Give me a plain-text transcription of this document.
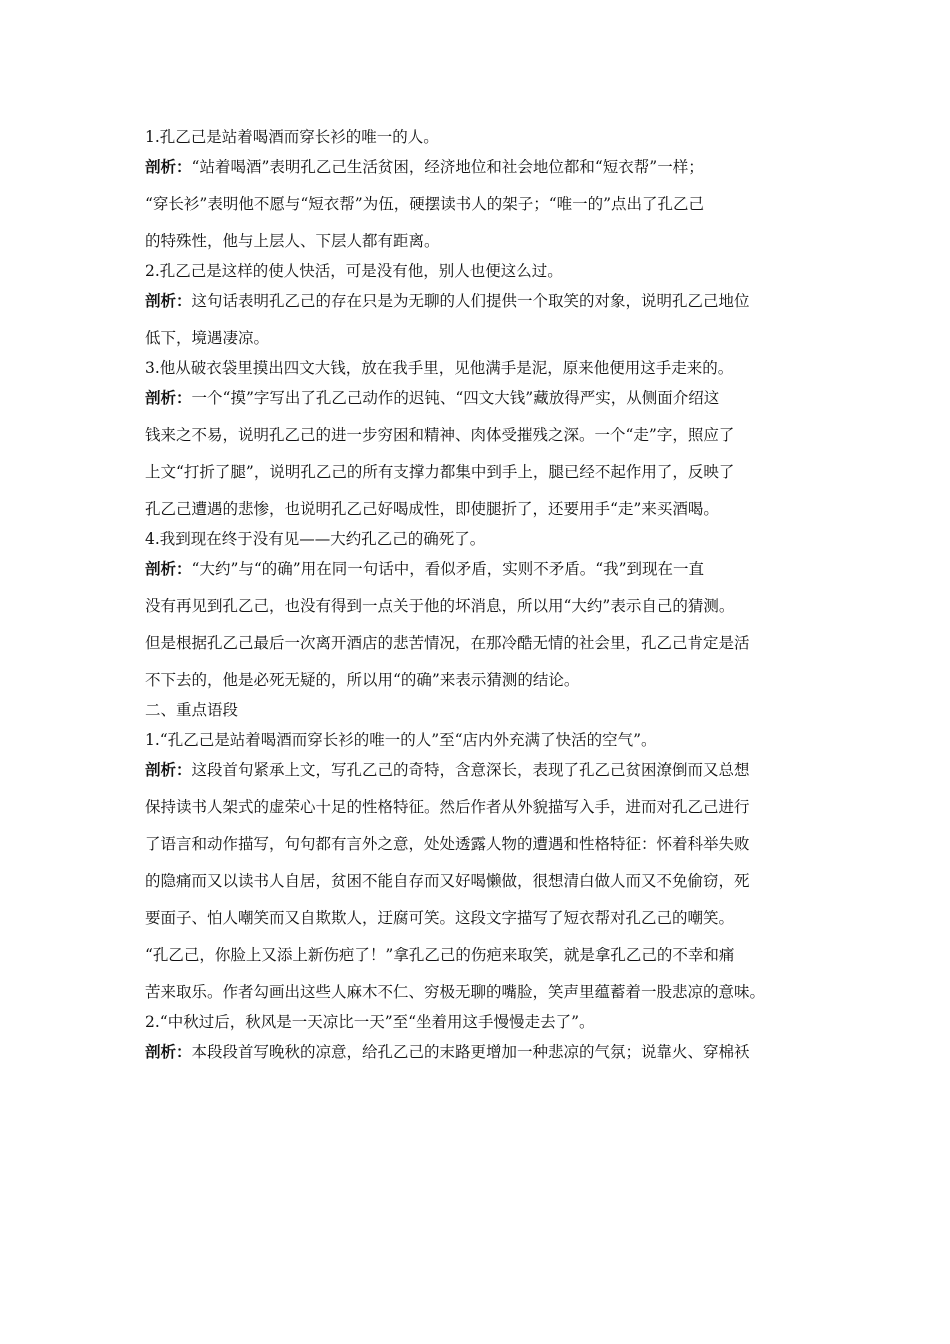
1.孔乙己是站着喝酒而穿长衫的唯一的人。
剖析：“站着喝酒”表明孔乙己生活贫困，经济地位和社会地位都和“短衣帮”一样；
“穿长衫”表明他不愿与“短衣帮”为伍，硬摆读书人的架子；“唯一的”点出了孔乙己
的特殊性，他与上层人、下层人都有距离。
2.孔乙己是这样的使人快活，可是没有他，别人也便这么过。
剖析：这句话表明孔乙己的存在只是为无聊的人们提供一个取笑的对象，说明孔乙己地位
低下，境遇凄凉。
3.他从破衣袋里摸出四文大钱，放在我手里，见他满手是泥，原来他便用这手走来的。
剖析：一个“摸”字写出了孔乙己动作的迟钝、“四文大钱”藏放得严实，从侧面介绍这
钱来之不易，说明孔乙己的进一步穷困和精神、肉体受摧残之深。一个“走”字，照应了
上文“打折了腿”，说明孔乙己的所有支撑力都集中到手上，腿已经不起作用了，反映了
孔乙己遭遇的悲惨，也说明孔乙己好喝成性，即使腿折了，还要用手“走”来买酒喝。
4.我到现在终于没有见——大约孔乙己的确死了。
剖析：“大约”与“的确”用在同一句话中，看似矛盾，实则不矛盾。“我”到现在一直
没有再见到孔乙己，也没有得到一点关于他的坏消息，所以用“大约”表示自己的猜测。
但是根据孔乙己最后一次离开酒店的悲苦情况，在那冷酷无情的社会里，孔乙己肯定是活
不下去的，他是必死无疑的，所以用“的确”来表示猜测的结论。
二、重点语段
1.“孔乙己是站着喝酒而穿长衫的唯一的人”至“店内外充满了快活的空气”。
剖析：这段首句紧承上文，写孔乙己的奇特，含意深长，表现了孔乙己贫困潦倒而又总想
保持读书人架式的虚荣心十足的性格特征。然后作者从外貌描写入手，进而对孔乙己进行
了语言和动作描写，句句都有言外之意，处处透露人物的遭遇和性格特征：怀着科举失败
的隐痛而又以读书人自居，贫困不能自存而又好喝懒做，很想清白做人而又不免偷窃，死
要面子、怕人嘲笑而又自欺欺人，迂腐可笑。这段文字描写了短衣帮对孔乙己的嘲笑。
“孔乙己，你脸上又添上新伤疤了！”拿孔乙己的伤疤来取笑，就是拿孔乙己的不幸和痛
苦来取乐。作者勾画出这些人麻木不仁、穷极无聊的嘴脸，笑声里蕴蓄着一股悲凉的意味。
2.“中秋过后，秋风是一天凉比一天”至“坐着用这手慢慢走去了”。
剖析：本段段首写晚秋的凉意，给孔乙己的末路更增加一种悲凉的气氛；说靠火、穿棉袄
